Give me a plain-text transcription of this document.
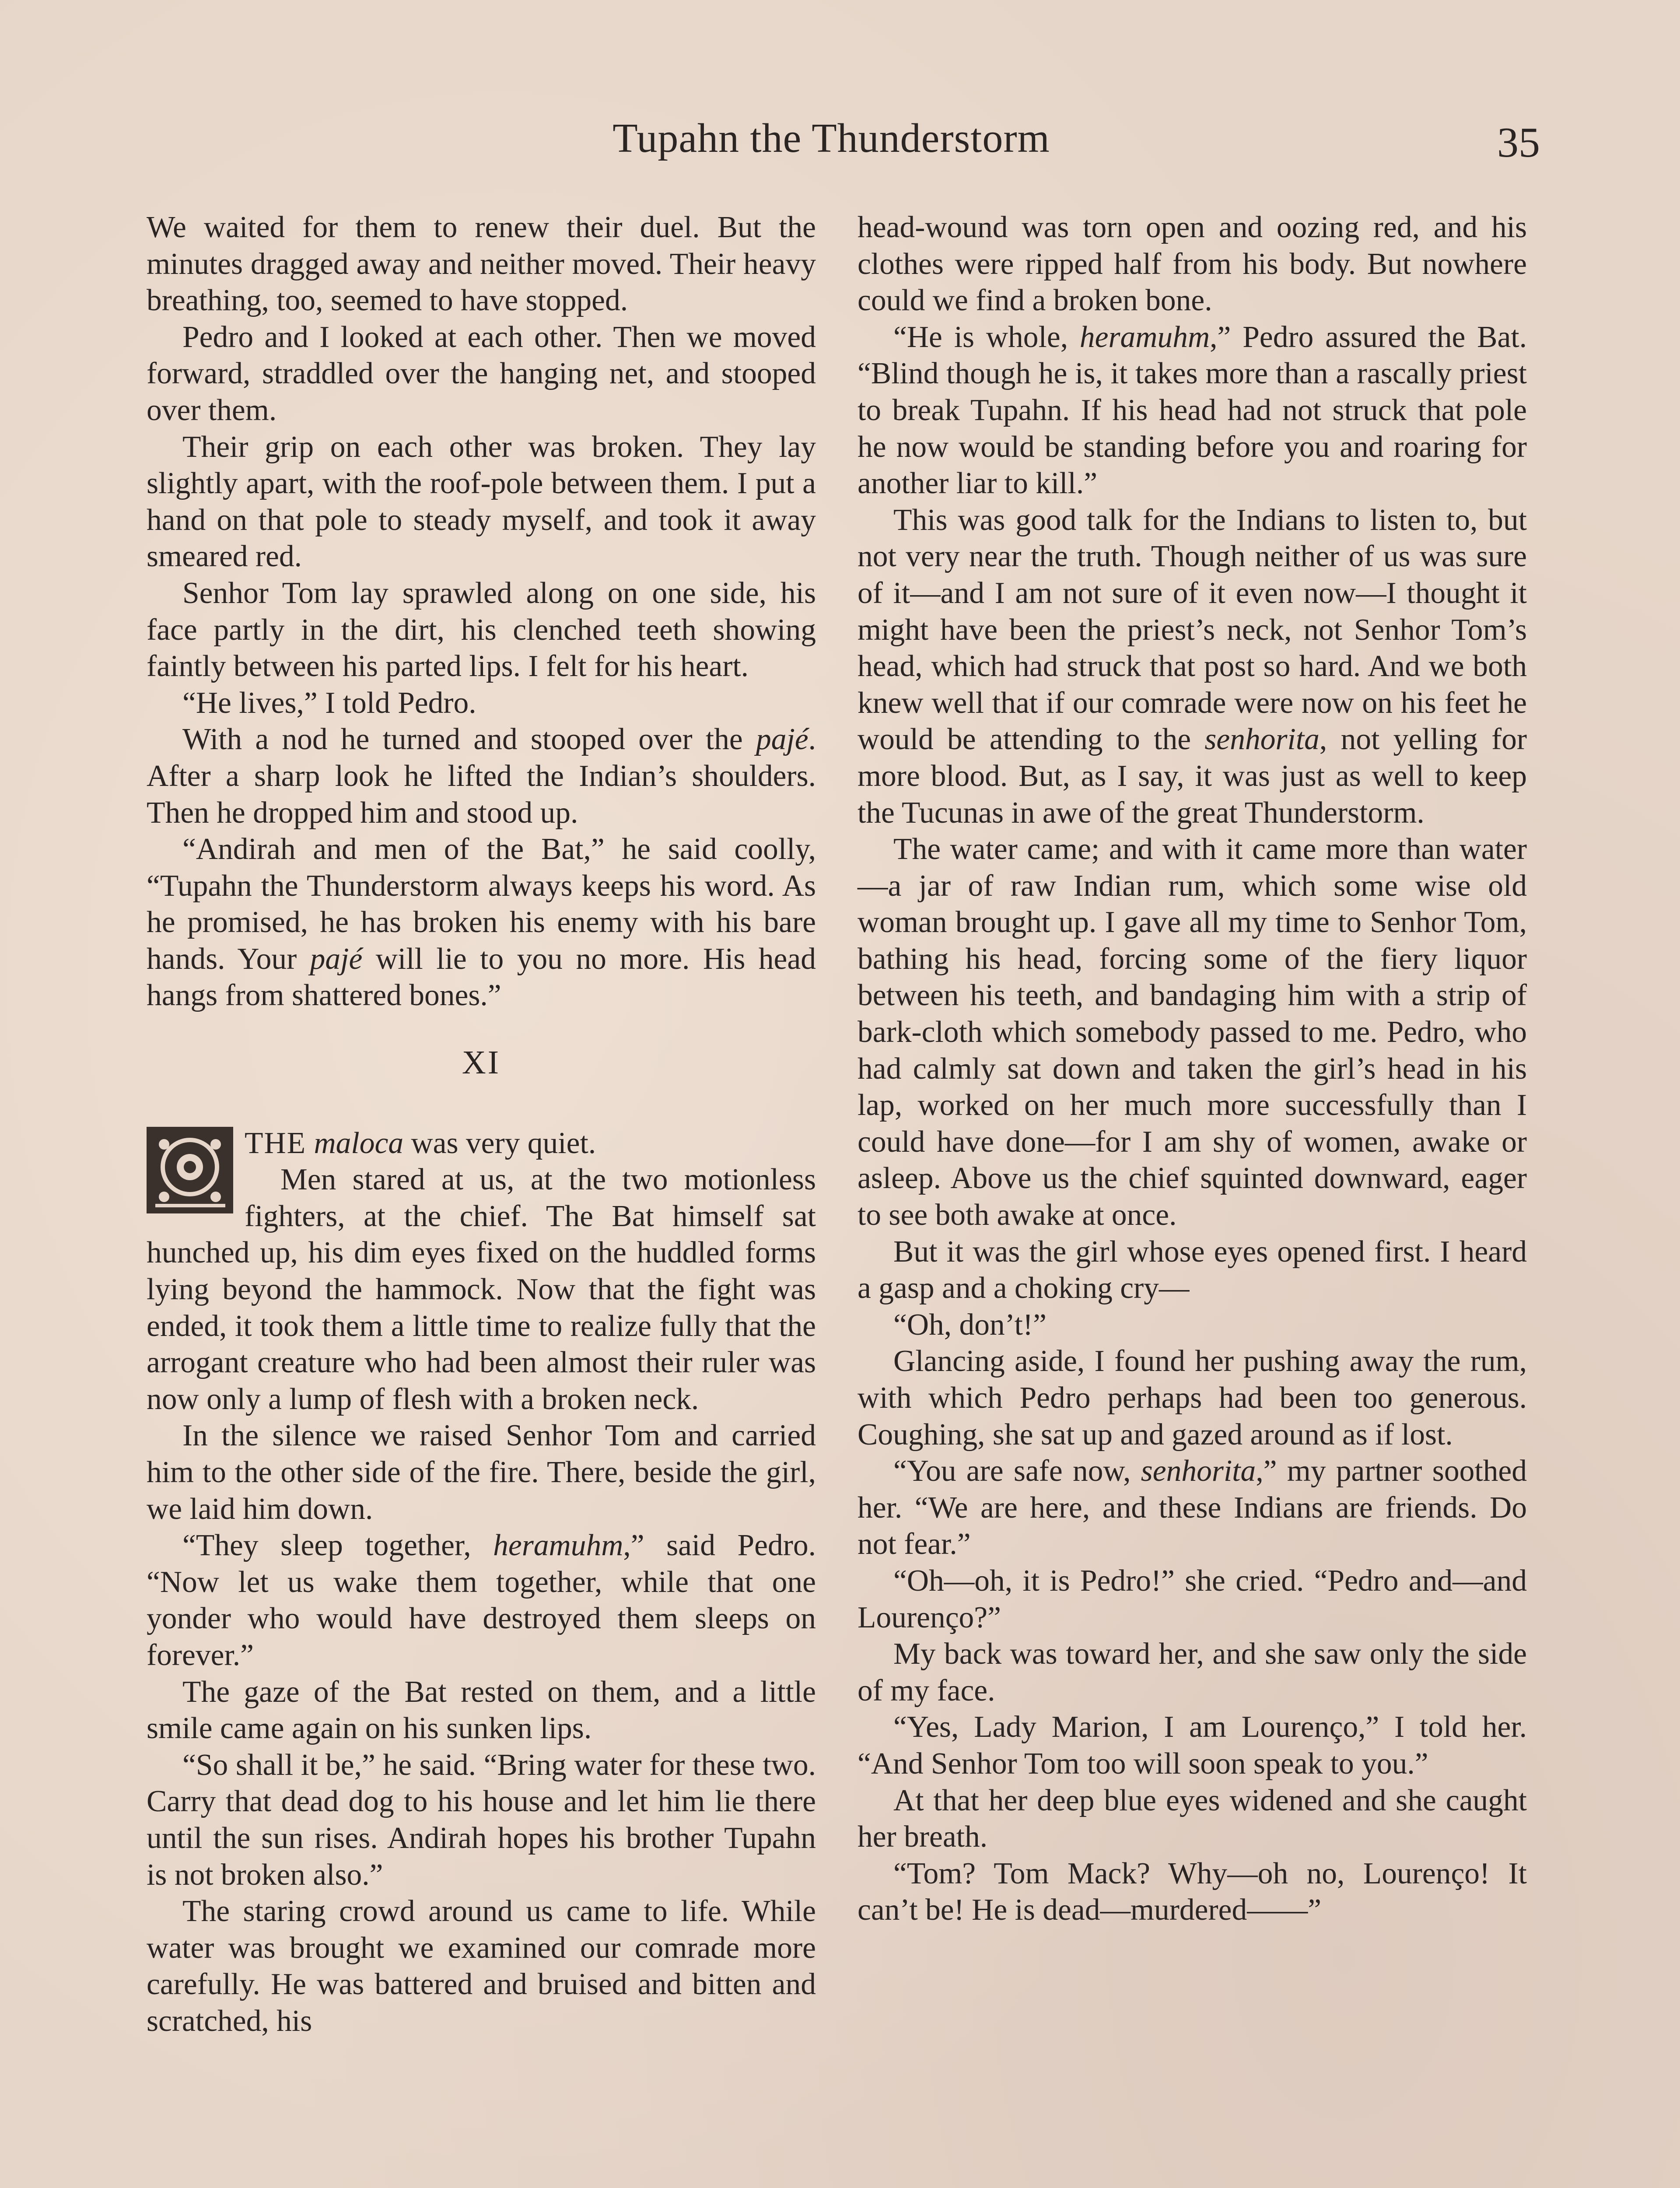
Tupahn the Thunderstorm	35

We waited for them to renew their duel. But the minutes dragged away and neither moved. Their heavy breathing, too, seemed to have stopped.

Pedro and I looked at each other. Then we moved forward, straddled over the hanging net, and stooped over them.

Their grip on each other was broken. They lay slightly apart, with the roof-pole between them. I put a hand on that pole to steady myself, and took it away smeared red.

Senhor Tom lay sprawled along on one side, his face partly in the dirt, his clenched teeth showing faintly between his parted lips. I felt for his heart.

“He lives,” I told Pedro.

With a nod he turned and stooped over the pajé. After a sharp look he lifted the Indian’s shoulders. Then he dropped him and stood up.

“Andirah and men of the Bat,” he said coolly, “Tupahn the Thunderstorm always keeps his word. As he promised, he has broken his enemy with his bare hands. Your pajé will lie to you no more. His head hangs from shattered bones.”

XI

THE maloca was very quiet.

Men stared at us, at the two motionless fighters, at the chief. The Bat himself sat hunched up, his dim eyes fixed on the huddled forms lying beyond the hammock. Now that the fight was ended, it took them a little time to realize fully that the arrogant creature who had been almost their ruler was now only a lump of flesh with a broken neck.

In the silence we raised Senhor Tom and carried him to the other side of the fire. There, beside the girl, we laid him down.

“They sleep together, heramuhm,” said Pedro. “Now let us wake them together, while that one yonder who would have destroyed them sleeps on forever.”

The gaze of the Bat rested on them, and a little smile came again on his sunken lips.

“So shall it be,” he said. “Bring water for these two. Carry that dead dog to his house and let him lie there until the sun rises. Andirah hopes his brother Tupahn is not broken also.”

The staring crowd around us came to life. While water was brought we examined our comrade more carefully. He was battered and bruised and bitten and scratched, his

head-wound was torn open and oozing red, and his clothes were ripped half from his body. But nowhere could we find a broken bone.

“He is whole, heramuhm,” Pedro assured the Bat. “Blind though he is, it takes more than a rascally priest to break Tupahn. If his head had not struck that pole he now would be standing before you and roaring for another liar to kill.”

This was good talk for the Indians to listen to, but not very near the truth. Though neither of us was sure of it—and I am not sure of it even now—I thought it might have been the priest’s neck, not Senhor Tom’s head, which had struck that post so hard. And we both knew well that if our comrade were now on his feet he would be attending to the senhorita, not yelling for more blood. But, as I say, it was just as well to keep the Tucunas in awe of the great Thunderstorm.

The water came; and with it came more than water—a jar of raw Indian rum, which some wise old woman brought up. I gave all my time to Senhor Tom, bathing his head, forcing some of the fiery liquor between his teeth, and bandaging him with a strip of bark-cloth which somebody passed to me. Pedro, who had calmly sat down and taken the girl’s head in his lap, worked on her much more successfully than I could have done—for I am shy of women, awake or asleep. Above us the chief squinted downward, eager to see both awake at once.

But it was the girl whose eyes opened first. I heard a gasp and a choking cry—

“Oh, don’t!”

Glancing aside, I found her pushing away the rum, with which Pedro perhaps had been too generous. Coughing, she sat up and gazed around as if lost.

“You are safe now, senhorita,” my partner soothed her. “We are here, and these Indians are friends. Do not fear.”

“Oh—oh, it is Pedro!” she cried. “Pedro and—and Lourenço?”

My back was toward her, and she saw only the side of my face.

“Yes, Lady Marion, I am Lourenço,” I told her. “And Senhor Tom too will soon speak to you.”

At that her deep blue eyes widened and she caught her breath.

“Tom? Tom Mack? Why—oh no, Lourenço! It can’t be! He is dead—murdered——”
